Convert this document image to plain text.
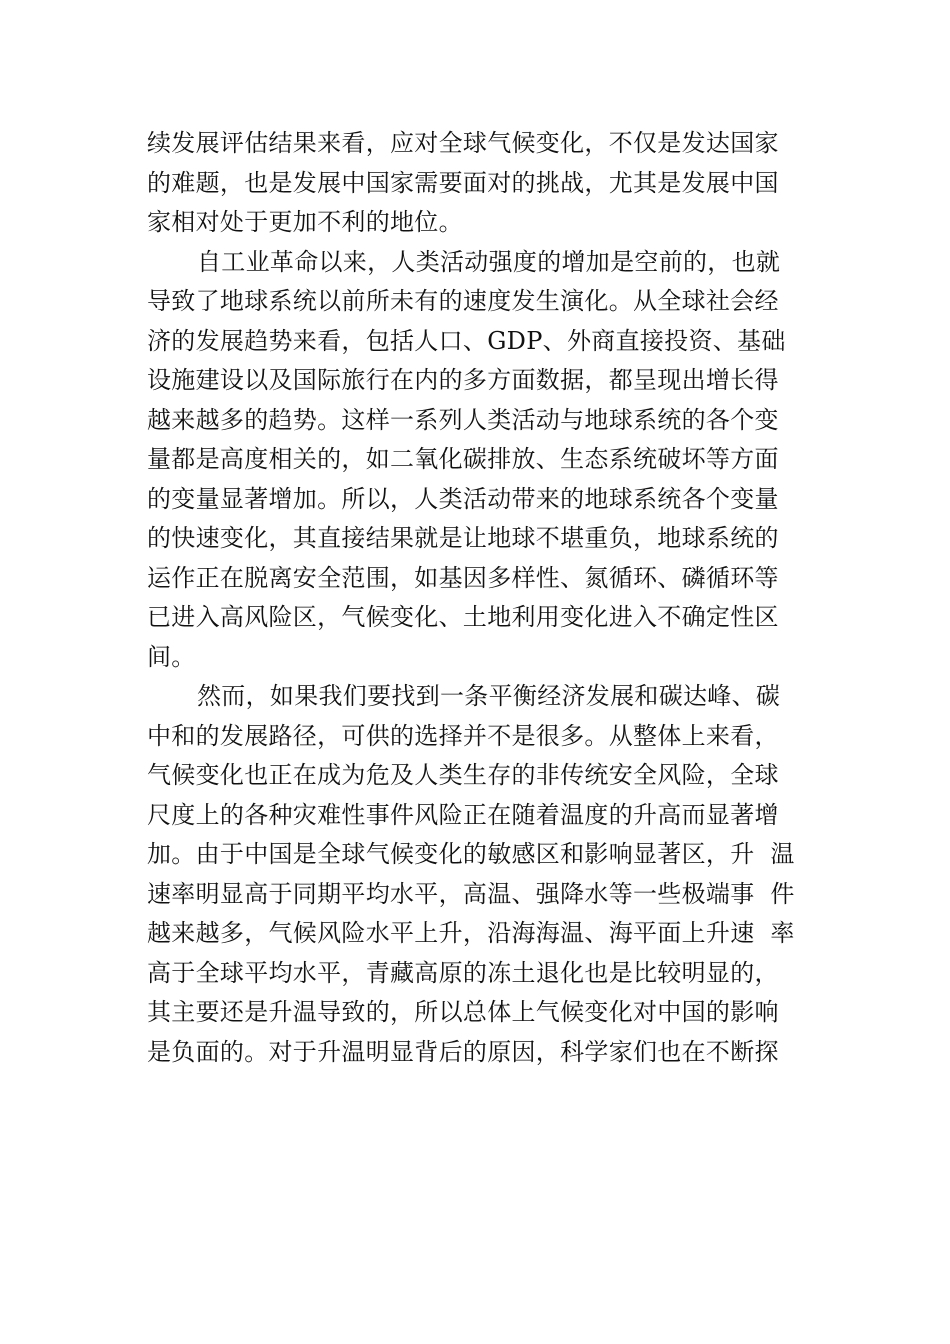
续发展评估结果来看，应对全球气候变化，不仅是发达国家
的难题，也是发展中国家需要面对的挑战，尤其是发展中国
家相对处于更加不利的地位。
自工业革命以来，人类活动强度的增加是空前的，也就
导致了地球系统以前所未有的速度发生演化。从全球社会经
济的发展趋势来看，包括人口、GDP、外商直接投资、基础
设施建设以及国际旅行在内的多方面数据，都呈现出增长得
越来越多的趋势。这样一系列人类活动与地球系统的各个变
量都是高度相关的，如二氧化碳排放、生态系统破坏等方面
的变量显著增加。所以，人类活动带来的地球系统各个变量
的快速变化，其直接结果就是让地球不堪重负，地球系统的
运作正在脱离安全范围，如基因多样性、氮循环、磷循环等
已进入高风险区，气候变化、土地利用变化进入不确定性区
间。
然而，如果我们要找到一条平衡经济发展和碳达峰、碳
中和的发展路径，可供的选择并不是很多。从整体上来看，
气候变化也正在成为危及人类生存的非传统安全风险，全球
尺度上的各种灾难性事件风险正在随着温度的升高而显著增
加。由于中国是全球气候变化的敏感区和影响显著区，升  温
速率明显高于同期平均水平，高温、强降水等一些极端事  件
越来越多，气候风险水平上升，沿海海温、海平面上升速  率
高于全球平均水平，青藏高原的冻土退化也是比较明显的，
其主要还是升温导致的，所以总体上气候变化对中国的影响
是负面的。对于升温明显背后的原因，科学家们也在不断探
